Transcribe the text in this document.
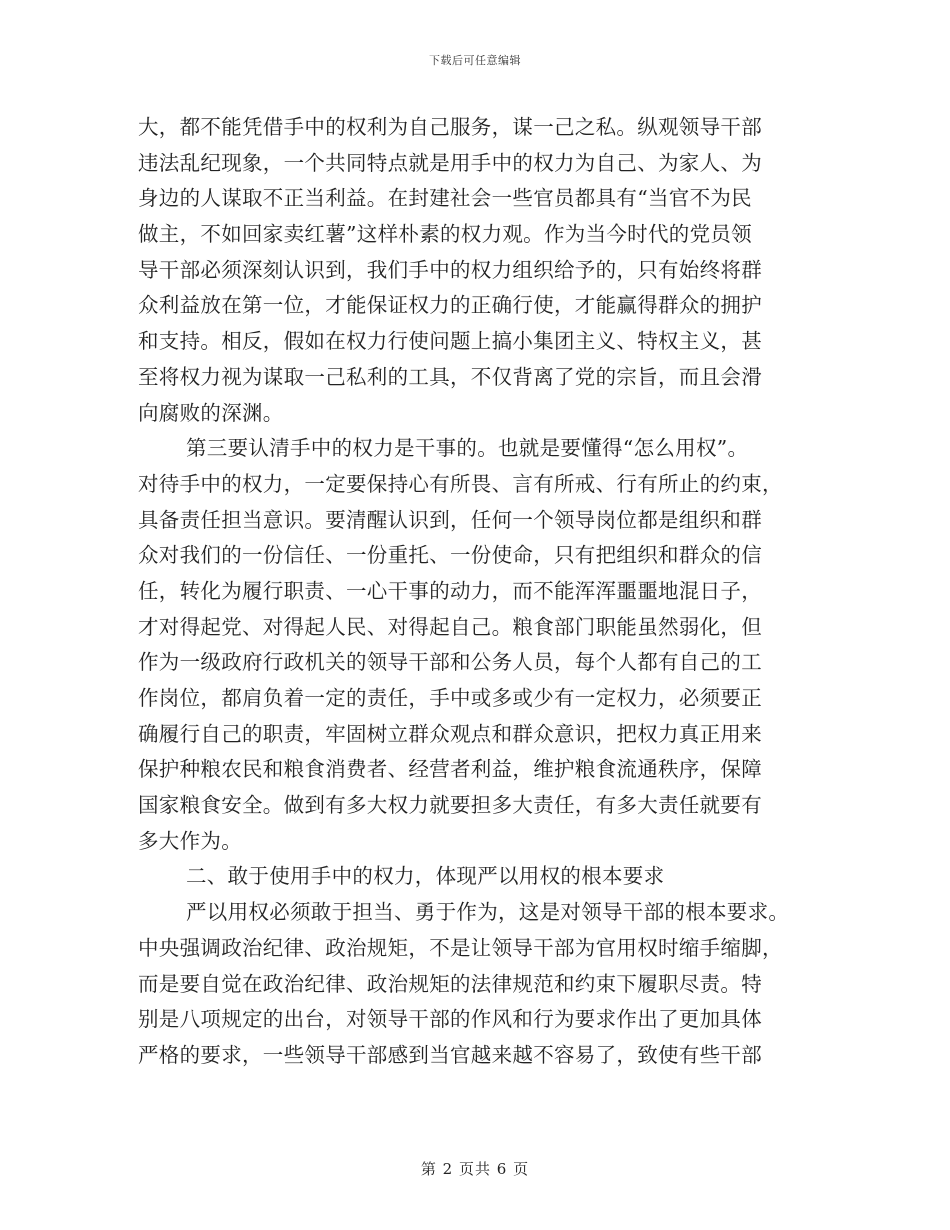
下载后可任意编辑
大，都不能凭借手中的权利为自己服务，谋一己之私。纵观领导干部
违法乱纪现象，一个共同特点就是用手中的权力为自己、为家人、为
身边的人谋取不正当利益。在封建社会一些官员都具有“当官不为民
做主，不如回家卖红薯”这样朴素的权力观。作为当今时代的党员领
导干部必须深刻认识到，我们手中的权力组织给予的，只有始终将群
众利益放在第一位，才能保证权力的正确行使，才能赢得群众的拥护
和支持。相反，假如在权力行使问题上搞小集团主义、特权主义，甚
至将权力视为谋取一己私利的工具，不仅背离了党的宗旨，而且会滑
向腐败的深渊。
第三要认清手中的权力是干事的。也就是要懂得“怎么用权”。
对待手中的权力，一定要保持心有所畏、言有所戒、行有所止的约束，
具备责任担当意识。要清醒认识到，任何一个领导岗位都是组织和群
众对我们的一份信任、一份重托、一份使命，只有把组织和群众的信
任，转化为履行职责、一心干事的动力，而不能浑浑噩噩地混日子，
才对得起党、对得起人民、对得起自己。粮食部门职能虽然弱化，但
作为一级政府行政机关的领导干部和公务人员，每个人都有自己的工
作岗位，都肩负着一定的责任，手中或多或少有一定权力，必须要正
确履行自己的职责，牢固树立群众观点和群众意识，把权力真正用来
保护种粮农民和粮食消费者、经营者利益，维护粮食流通秩序，保障
国家粮食安全。做到有多大权力就要担多大责任，有多大责任就要有
多大作为。
二、敢于使用手中的权力，体现严以用权的根本要求
严以用权必须敢于担当、勇于作为，这是对领导干部的根本要求。
中央强调政治纪律、政治规矩，不是让领导干部为官用权时缩手缩脚，
而是要自觉在政治纪律、政治规矩的法律规范和约束下履职尽责。特
别是八项规定的出台，对领导干部的作风和行为要求作出了更加具体
严格的要求，一些领导干部感到当官越来越不容易了，致使有些干部
第 2 页共 6 页
